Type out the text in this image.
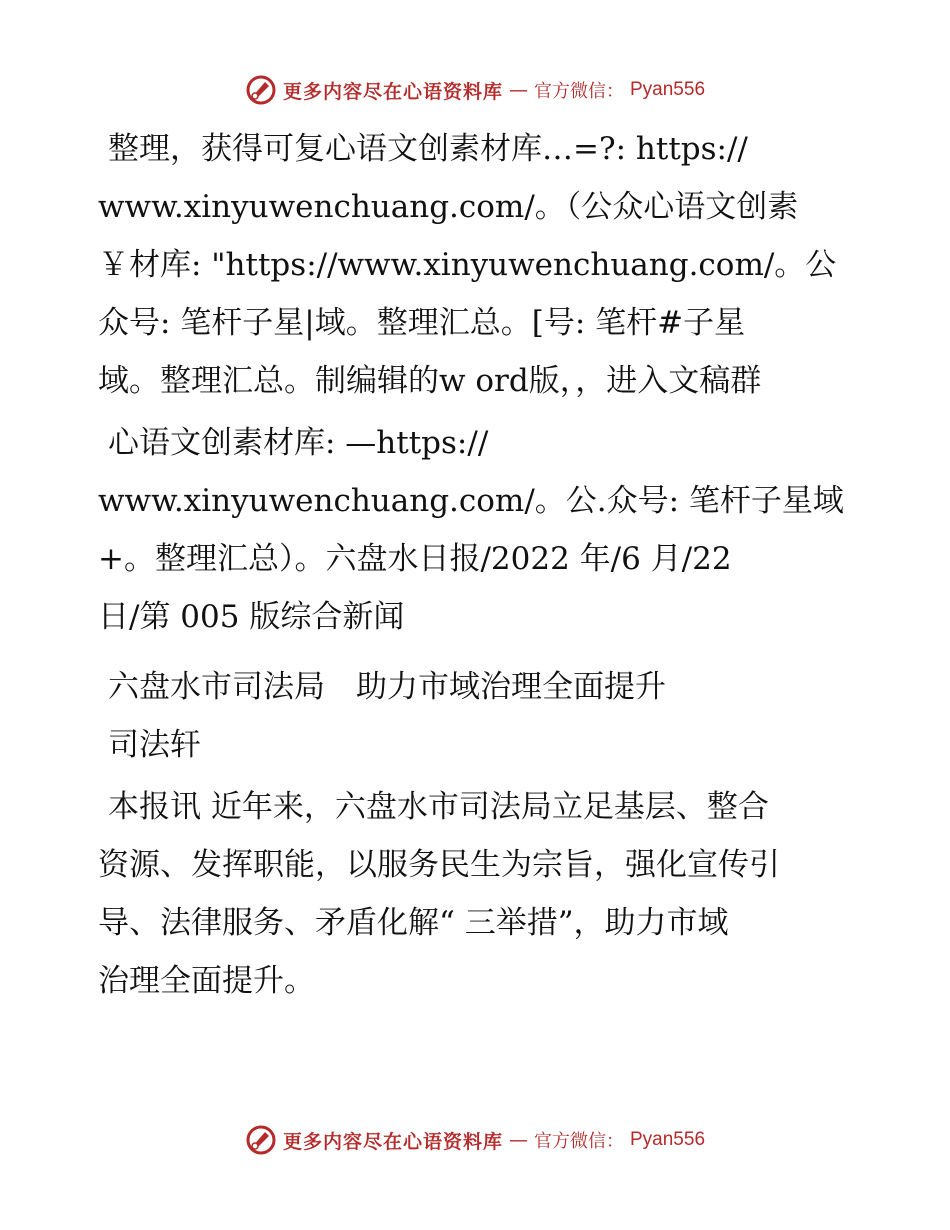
更多内容尽在心语资料库 — 官方微信： Pyan556
整理，获得可复心语文创素材库…=?: https://
www.xinyuwenchuang.com/。（公众心语文创素
￥材库: "https://www.xinyuwenchuang.com/。公
众号: 笔杆子星|域。整理汇总。[号: 笔杆#子星
域。整理汇总。制编辑的w ord版，，进入文稿群
心语文创素材库: —https://
www.xinyuwenchuang.com/。公.众号: 笔杆子星域
+。整理汇总）。六盘水日报/2022 年/6 月/22
日/第 005 版综合新闻
六盘水市司法局　助力市域治理全面提升
司法轩
本报讯 近年来，六盘水市司法局立足基层、整合
资源、发挥职能，以服务民生为宗旨，强化宣传引
导、法律服务、矛盾化解“ 三举措”，助力市域
治理全面提升。
更多内容尽在心语资料库 — 官方微信： Pyan556
